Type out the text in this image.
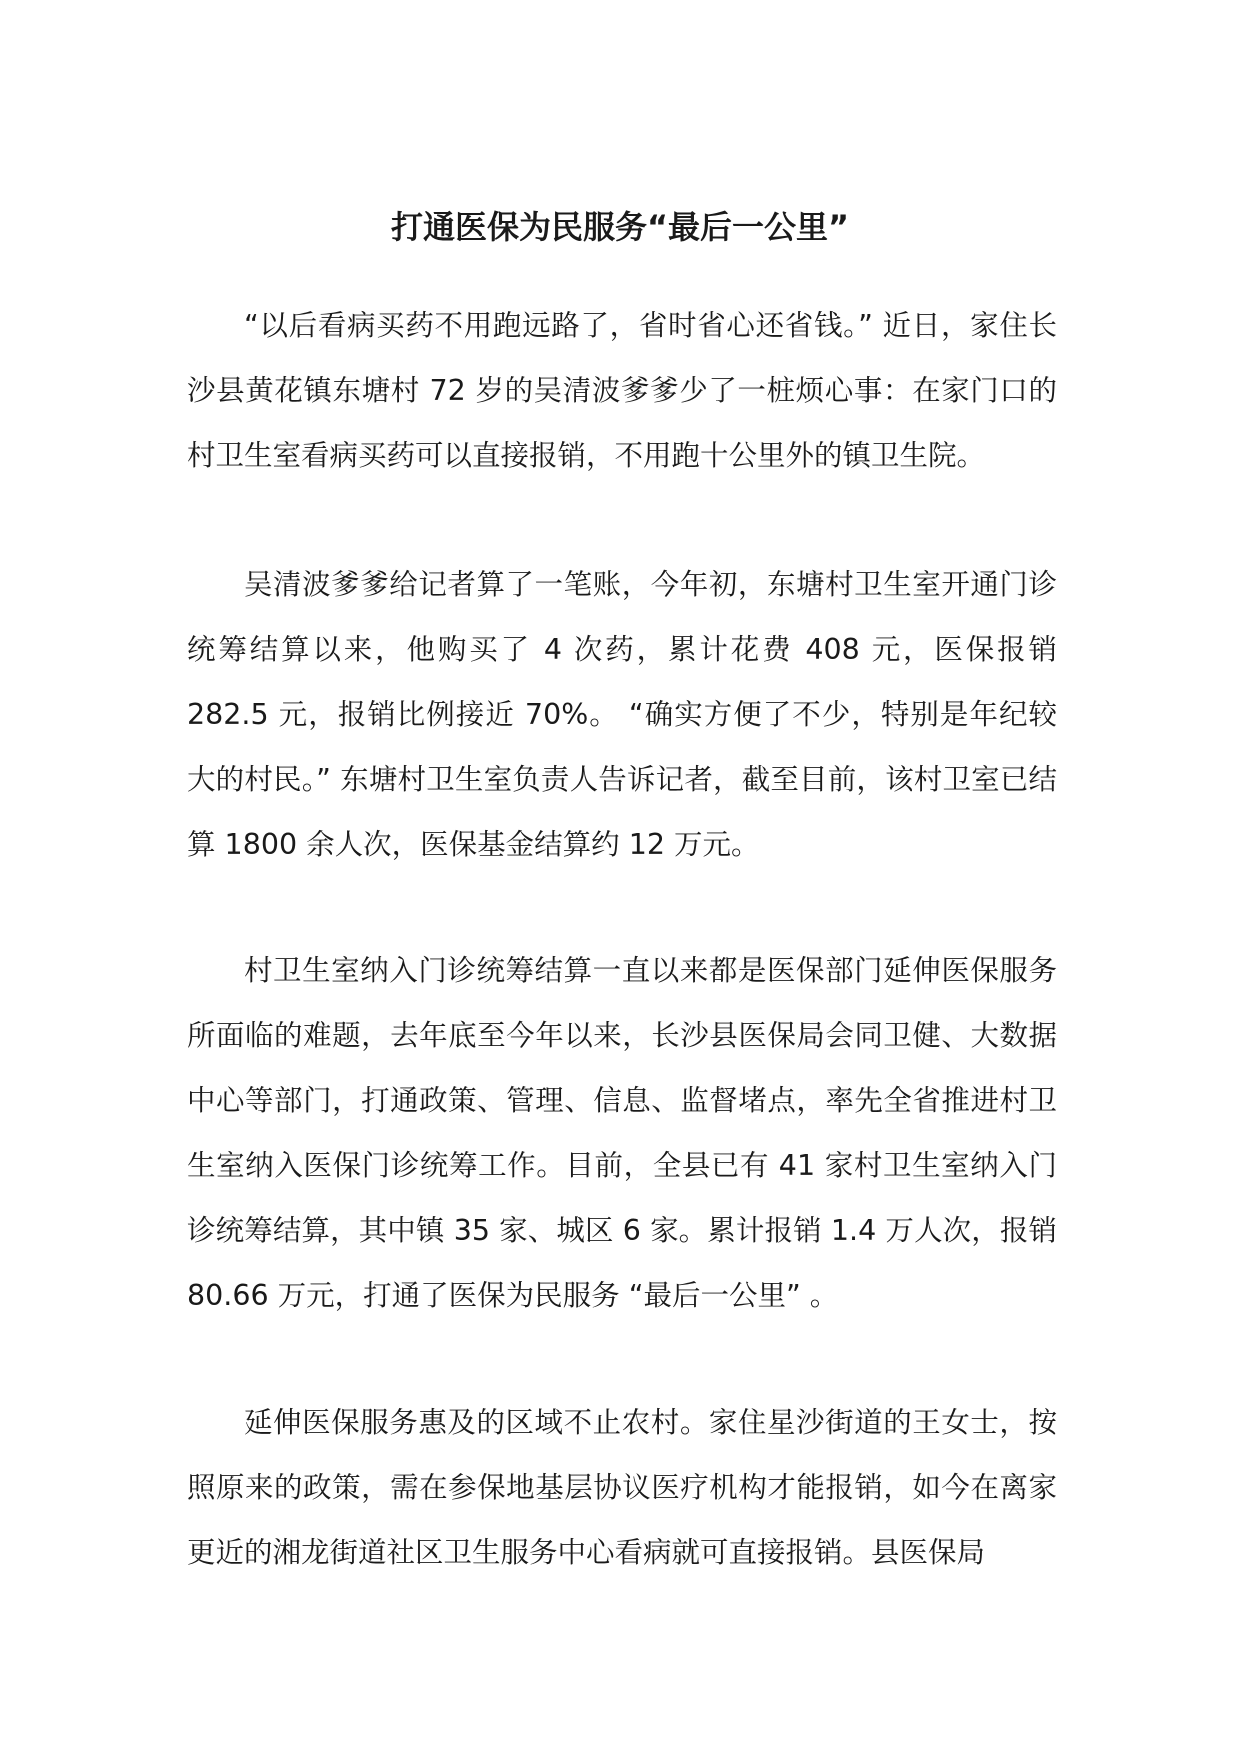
打通医保为民服务“最后一公里”

“以后看病买药不用跑远路了，省时省心还省钱。” 近日，家住长沙县黄花镇东塘村 72 岁的吴清波爹爹少了一桩烦心事：在家门口的村卫生室看病买药可以直接报销，不用跑十公里外的镇卫生院。

吴清波爹爹给记者算了一笔账，今年初，东塘村卫生室开通门诊统筹结算以来，他购买了 4 次药，累计花费 408 元，医保报销 282.5 元，报销比例接近 70%。 “确实方便了不少，特别是年纪较大的村民。” 东塘村卫生室负责人告诉记者，截至目前，该村卫室已结算 1800 余人次，医保基金结算约 12 万元。

村卫生室纳入门诊统筹结算一直以来都是医保部门延伸医保服务所面临的难题，去年底至今年以来，长沙县医保局会同卫健、大数据中心等部门，打通政策、管理、信息、监督堵点，率先全省推进村卫生室纳入医保门诊统筹工作。目前，全县已有 41 家村卫生室纳入门诊统筹结算，其中镇 35 家、城区 6 家。累计报销 1.4 万人次，报销 80.66 万元，打通了医保为民服务 “最后一公里” 。

延伸医保服务惠及的区域不止农村。家住星沙街道的王女士，按照原来的政策，需在参保地基层协议医疗机构才能报销，如今在离家更近的湘龙街道社区卫生服务中心看病就可直接报销。县医保局
